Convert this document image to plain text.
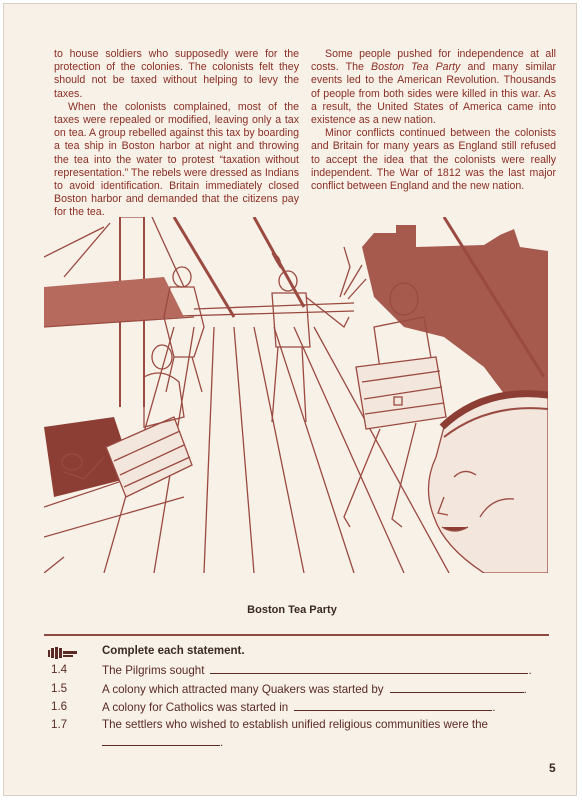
to house soldiers who supposedly were for the protection of the colonies. The colonists felt they should not be taxed without helping to levy the taxes.

When the colonists complained, most of the taxes were repealed or modified, leaving only a tax on tea. A group rebelled against this tax by boarding a tea ship in Boston harbor at night and throwing the tea into the water to protest “taxation without representation.” The rebels were dressed as Indians to avoid identification. Britain immediately closed Boston harbor and demanded that the citizens pay for the tea.

Some people pushed for independence at all costs. The Boston Tea Party and many similar events led to the American Revolution. Thousands of people from both sides were killed in this war. As a result, the United States of America came into existence as a new nation.

Minor conflicts continued between the colonists and Britain for many years as England still refused to accept the idea that the colonists were really independent. The War of 1812 was the last major conflict between England and the new nation.

Boston Tea Party
Complete each statement.
1.4	The Pilgrims sought	.
1.5	A colony which attracted many Quakers was started by	.
1.6	A colony for Catholics was started in	.
1.7	The settlers who wished to establish unified religious communities were the
.
5
